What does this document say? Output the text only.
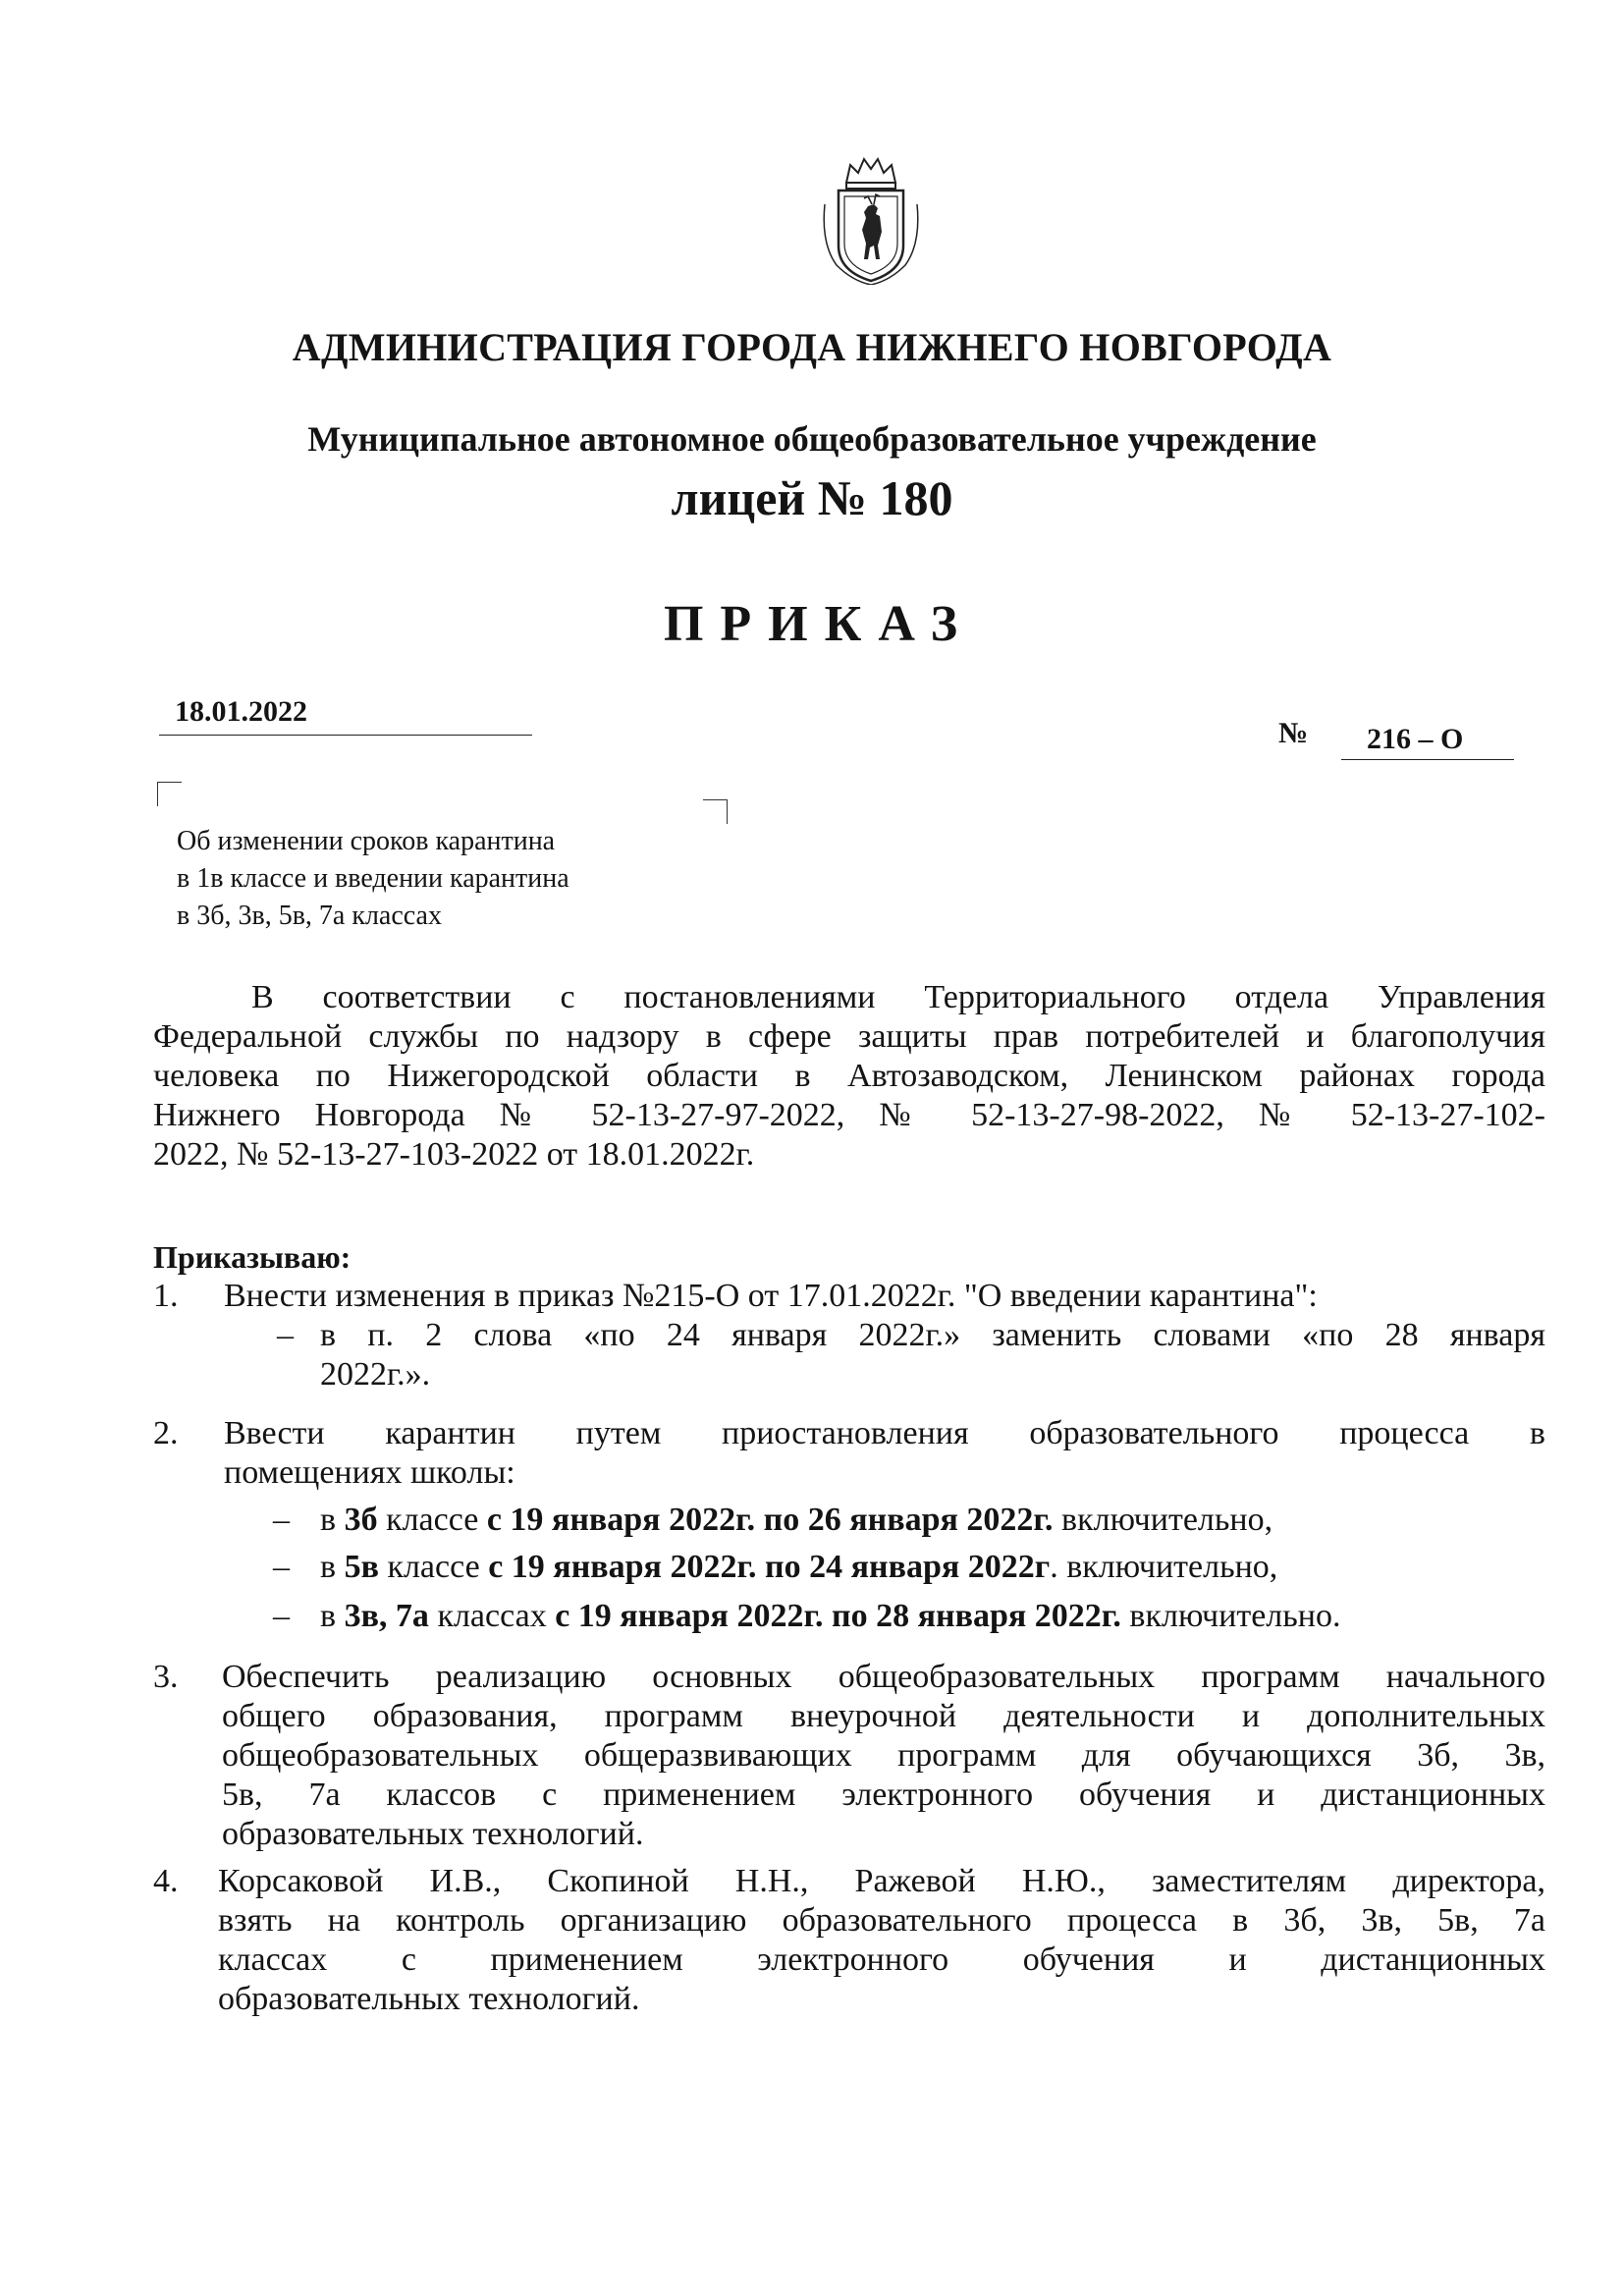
АДМИНИСТРАЦИЯ ГОРОДА НИЖНЕГО НОВГОРОДА
Муниципальное автономное общеобразовательное учреждение
лицей № 180
ПРИКАЗ
18.01.2022
№ 216 – О
Об изменении сроков карантина
в 1в классе и введении карантина
в 3б, 3в, 5в, 7а классах
В соответствии с постановлениями Территориального отдела Управления
Федеральной службы по надзору в сфере защиты прав потребителей и благополучия
человека по Нижегородской области в Автозаводском, Ленинском районах города
Нижнего Новгорода № 52-13-27-97-2022, № 52-13-27-98-2022, № 52-13-27-102-
2022, № 52-13-27-103-2022 от 18.01.2022г.
Приказываю:
1. Внести изменения в приказ №215-О от 17.01.2022г. "О введении карантина":
– в п. 2 слова «по 24 января 2022г.» заменить словами «по 28 января
2022г.».
2. Ввести карантин путем приостановления образовательного процесса в
помещениях школы:
– в 3б классе с 19 января 2022г. по 26 января 2022г. включительно,
– в 5в классе с 19 января 2022г. по 24 января 2022г. включительно,
– в 3в, 7а классах с 19 января 2022г. по 28 января 2022г. включительно.
3. Обеспечить реализацию основных общеобразовательных программ начального
общего образования, программ внеурочной деятельности и дополнительных
общеобразовательных общеразвивающих программ для обучающихся 3б, 3в,
5в, 7а классов с применением электронного обучения и дистанционных
образовательных технологий.
4. Корсаковой И.В., Скопиной Н.Н., Ражевой Н.Ю., заместителям директора,
взять на контроль организацию образовательного процесса в 3б, 3в, 5в, 7а
классах с применением электронного обучения и дистанционных
образовательных технологий.
